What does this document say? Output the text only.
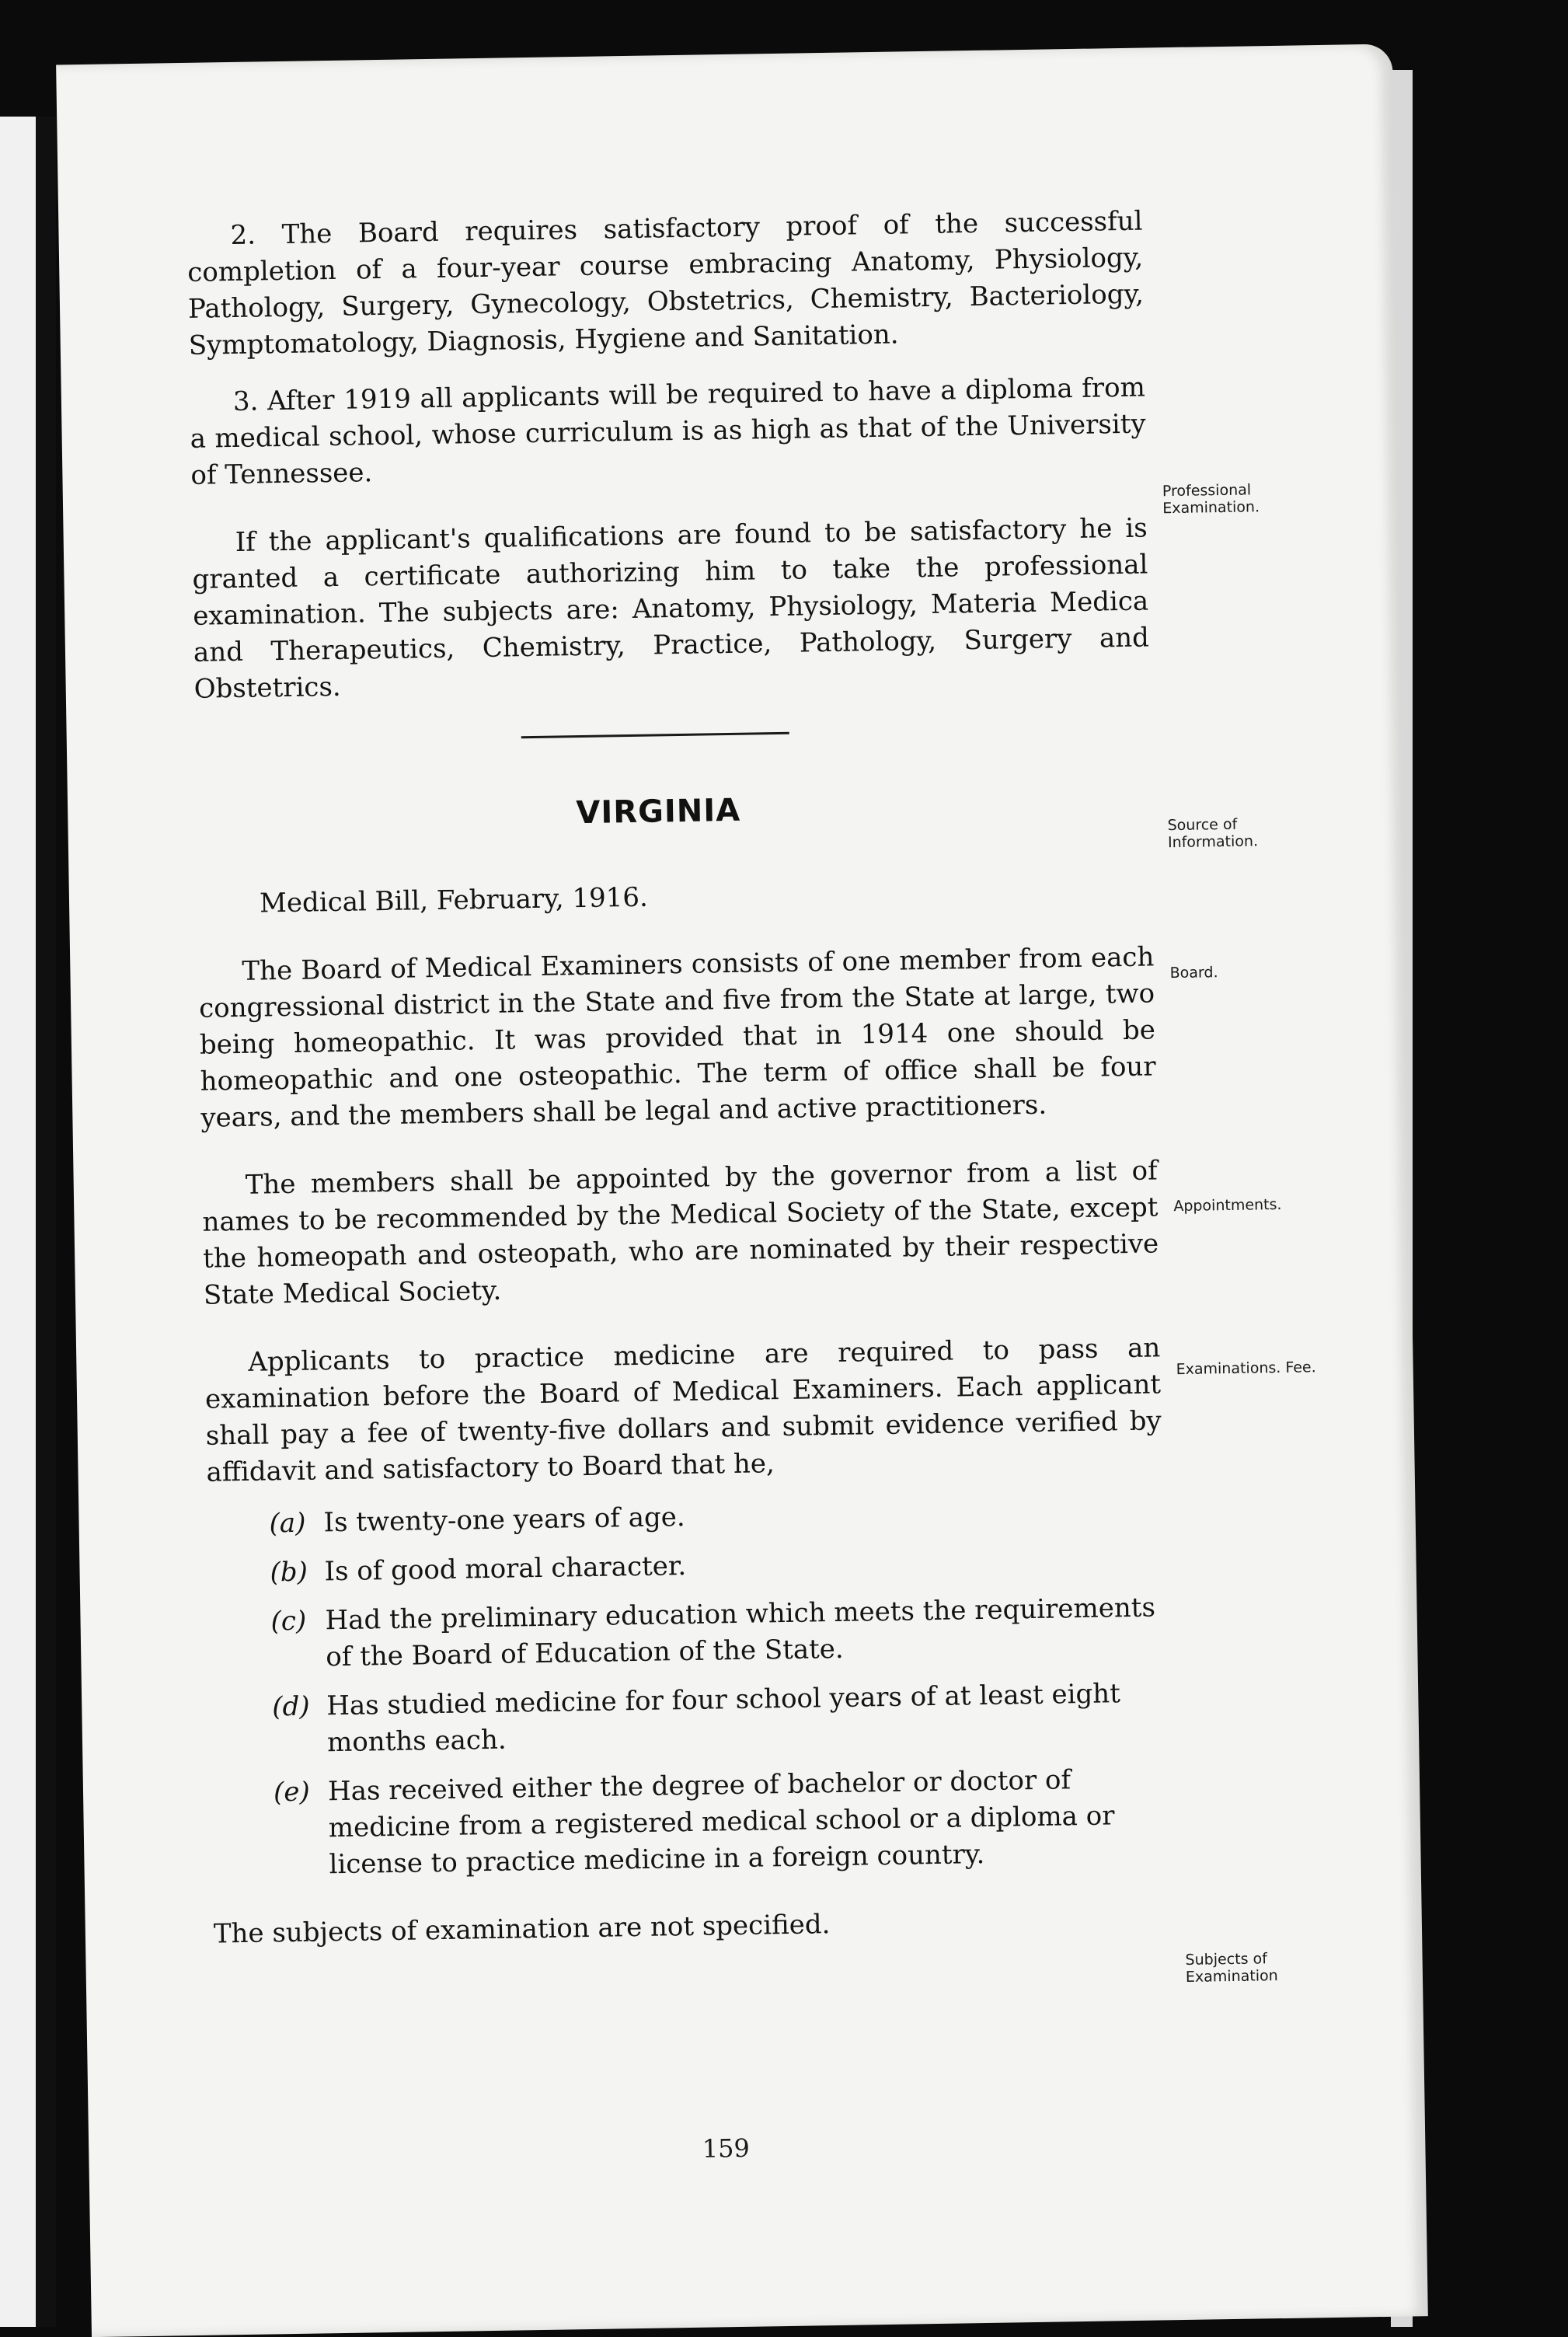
2. The Board requires satisfactory proof of the successful completion of a four-year course embracing Anatomy, Physiology, Pathology, Surgery, Gynecology, Obstetrics, Chemistry, Bacteriology, Symptomatology, Diagnosis, Hygiene and Sanitation.

3. After 1919 all applicants will be required to have a diploma from a medical school, whose curriculum is as high as that of the University of Tennessee.

If the applicant's qualifications are found to be satisfactory he is granted a certificate authorizing him to take the professional examination. The subjects are: Anatomy, Physiology, Materia Medica and Therapeutics, Chemistry, Practice, Pathology, Surgery and Obstetrics.

Professional Examination.
VIRGINIA	Source of Information.

Medical Bill, February, 1916.

The Board of Medical Examiners consists of one member from each congressional district in the State and five from the State at large, two being homeopathic. It was provided that in 1914 one should be homeopathic and one osteopathic. The term of office shall be four years, and the members shall be legal and active practitioners.

The members shall be appointed by the governor from a list of names to be recommended by the Medical Society of the State, except the homeopath and osteopath, who are nominated by their respective State Medical Society.

Applicants to practice medicine are required to pass an examination before the Board of Medical Examiners. Each applicant shall pay a fee of twenty-five dollars and submit evidence verified by affidavit and satisfactory to Board that he,

(a) Is twenty-one years of age.
(b) Is of good moral character.
(c) Had the preliminary education which meets the requirements of the Board of Education of the State.
(d) Has studied medicine for four school years of at least eight months each.
(e) Has received either the degree of bachelor or doctor of medicine from a registered medical school or a diploma or license to practice medicine in a foreign country.

The subjects of examination are not specified.

Board.
Appointments.
Examinations. Fee.
Subjects of Examination
159
